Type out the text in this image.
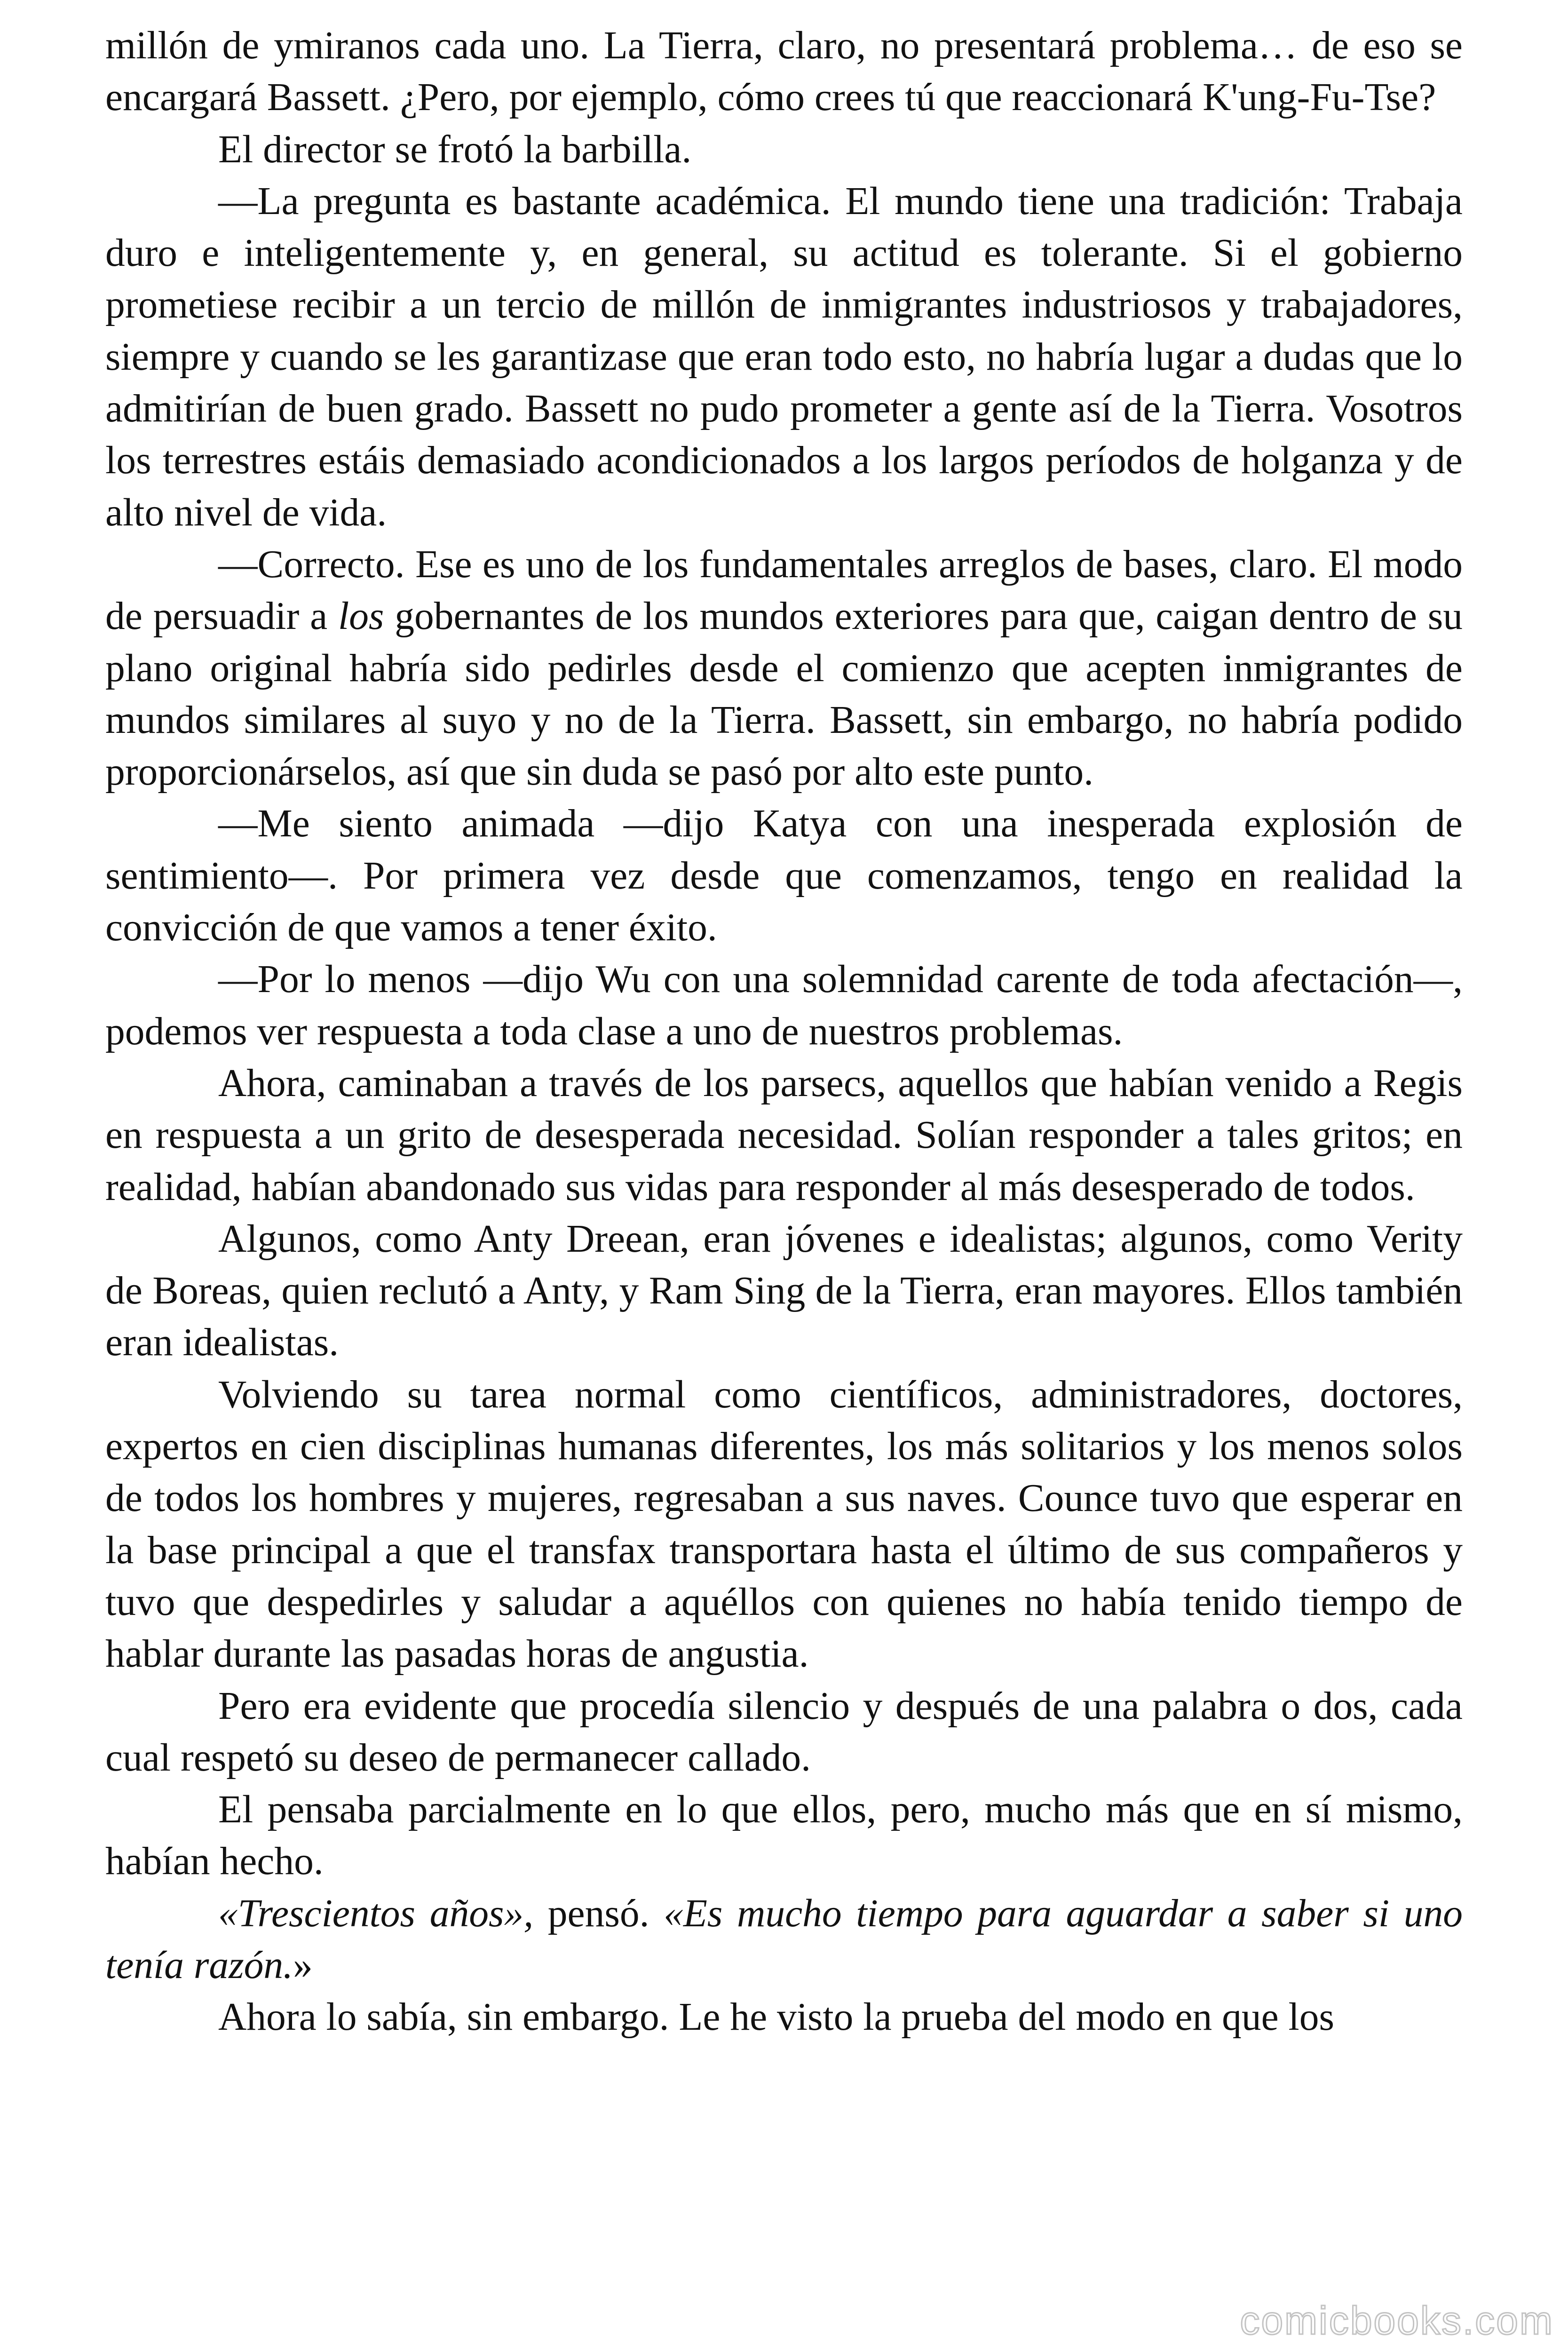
millón de ymiranos cada uno. La Tierra, claro, no presentará problema… de eso se encargará Bassett. ¿Pero, por ejemplo, cómo crees tú que reaccionará K'ung-Fu-Tse?

El director se frotó la barbilla.

—La pregunta es bastante académica. El mundo tiene una tradición: Trabaja duro e inteligentemente y, en general, su actitud es tolerante. Si el gobierno prometiese recibir a un tercio de millón de inmigrantes industriosos y trabajadores, siempre y cuando se les garantizase que eran todo esto, no habría lugar a dudas que lo admitirían de buen grado. Bassett no pudo prometer a gente así de la Tierra. Vosotros los terrestres estáis demasiado acondicionados a los largos períodos de holganza y de alto nivel de vida.

—Correcto. Ese es uno de los fundamentales arreglos de bases, claro. El modo de persuadir a los gobernantes de los mundos exteriores para que, caigan dentro de su plano original habría sido pedirles desde el comienzo que acepten inmigrantes de mundos similares al suyo y no de la Tierra. Bassett, sin embargo, no habría podido proporcionárselos, así que sin duda se pasó por alto este punto.

—Me siento animada —dijo Katya con una inesperada explosión de sentimiento—. Por primera vez desde que comenzamos, tengo en realidad la convicción de que vamos a tener éxito.

—Por lo menos —dijo Wu con una solemnidad carente de toda afectación—, podemos ver respuesta a toda clase a uno de nuestros problemas.

Ahora, caminaban a través de los parsecs, aquellos que habían venido a Regis en respuesta a un grito de desesperada necesidad. Solían responder a tales gritos; en realidad, habían abandonado sus vidas para responder al más desesperado de todos.

Algunos, como Anty Dreean, eran jóvenes e idealistas; algunos, como Verity de Boreas, quien reclutó a Anty, y Ram Sing de la Tierra, eran mayores. Ellos también eran idealistas.

Volviendo su tarea normal como científicos, administradores, doctores, expertos en cien disciplinas humanas diferentes, los más solitarios y los menos solos de todos los hombres y mujeres, regresaban a sus naves. Counce tuvo que esperar en la base principal a que el transfax transportara hasta el último de sus compañeros y tuvo que despedirles y saludar a aquéllos con quienes no había tenido tiempo de hablar durante las pasadas horas de angustia.

Pero era evidente que procedía silencio y después de una palabra o dos, cada cual respetó su deseo de permanecer callado.

El pensaba parcialmente en lo que ellos, pero, mucho más que en sí mismo, habían hecho.

«Trescientos años», pensó. «Es mucho tiempo para aguardar a saber si uno tenía razón.»

Ahora lo sabía, sin embargo. Le he visto la prueba del modo en que los

comicbooks.com
